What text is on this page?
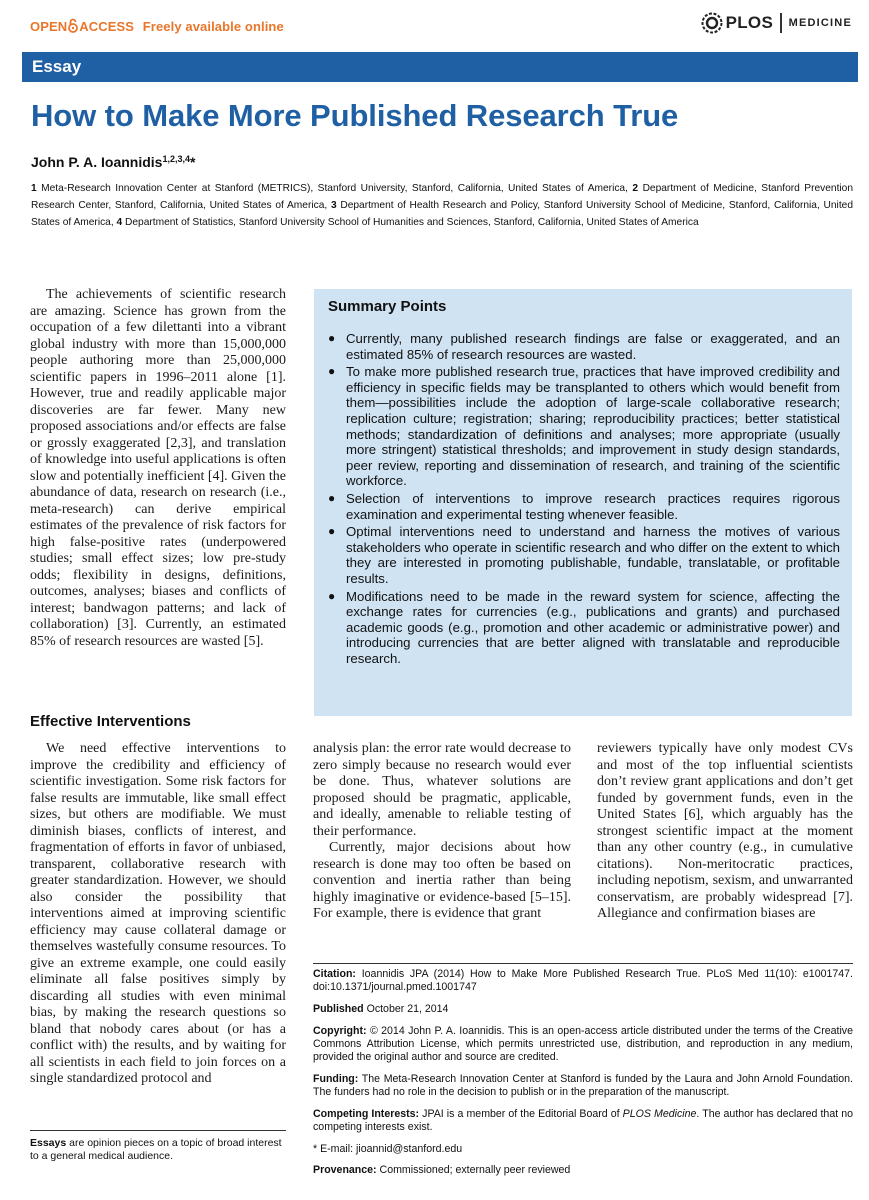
OPEN ACCESS Freely available online	PLOS MEDICINE
Essay
How to Make More Published Research True
John P. A. Ioannidis$^{1,2,3,4}$*
1 Meta-Research Innovation Center at Stanford (METRICS), Stanford University, Stanford, California, United States of America, 2 Department of Medicine, Stanford Prevention Research Center, Stanford, California, United States of America, 3 Department of Health Research and Policy, Stanford University School of Medicine, Stanford, California, United States of America, 4 Department of Statistics, Stanford University School of Humanities and Sciences, Stanford, California, United States of America

The achievements of scientific research are amazing. Science has grown from the occupation of a few dilettanti into a vibrant global industry with more than 15,000,000 people authoring more than 25,000,000 scientific papers in 1996–2011 alone [1]. However, true and readily applicable major discoveries are far fewer. Many new proposed associations and/or effects are false or grossly exaggerated [2,3], and translation of knowledge into useful applications is often slow and potentially inefficient [4]. Given the abundance of data, research on research (i.e., meta-research) can derive empirical estimates of the prevalence of risk factors for high false-positive rates (underpowered studies; small effect sizes; low pre-study odds; flexibility in designs, definitions, outcomes, analyses; biases and conflicts of interest; bandwagon patterns; and lack of collaboration) [3]. Currently, an estimated 85% of research resources are wasted [5].

Effective Interventions

We need effective interventions to improve the credibility and efficiency of scientific investigation. Some risk factors for false results are immutable, like small effect sizes, but others are modifiable. We must diminish biases, conflicts of interest, and fragmentation of efforts in favor of unbiased, transparent, collaborative research with greater standardization. However, we should also consider the possibility that interventions aimed at improving scientific efficiency may cause collateral damage or themselves wastefully consume resources. To give an extreme example, one could easily eliminate all false positives simply by discarding all studies with even minimal bias, by making the research questions so bland that nobody cares about (or has a conflict with) the results, and by waiting for all scientists in each field to join forces on a single standardized protocol and

Essays are opinion pieces on a topic of broad interest to a general medical audience.

Summary Points
● Currently, many published research findings are false or exaggerated, and an estimated 85% of research resources are wasted.
● To make more published research true, practices that have improved credibility and efficiency in specific fields may be transplanted to others which would benefit from them—possibilities include the adoption of large-scale collaborative research; replication culture; registration; sharing; reproducibility practices; better statistical methods; standardization of definitions and analyses; more appropriate (usually more stringent) statistical thresholds; and improvement in study design standards, peer review, reporting and dissemination of research, and training of the scientific workforce.
● Selection of interventions to improve research practices requires rigorous examination and experimental testing whenever feasible.
● Optimal interventions need to understand and harness the motives of various stakeholders who operate in scientific research and who differ on the extent to which they are interested in promoting publishable, fundable, translatable, or profitable results.
● Modifications need to be made in the reward system for science, affecting the exchange rates for currencies (e.g., publications and grants) and purchased academic goods (e.g., promotion and other academic or administrative power) and introducing currencies that are better aligned with translatable and reproducible research.

analysis plan: the error rate would decrease to zero simply because no research would ever be done. Thus, whatever solutions are proposed should be pragmatic, applicable, and ideally, amenable to reliable testing of their performance.

Currently, major decisions about how research is done may too often be based on convention and inertia rather than being highly imaginative or evidence-based [5–15]. For example, there is evidence that grant

reviewers typically have only modest CVs and most of the top influential scientists don’t review grant applications and don’t get funded by government funds, even in the United States [6], which arguably has the strongest scientific impact at the moment than any other country (e.g., in cumulative citations). Non-meritocratic practices, including nepotism, sexism, and unwarranted conservatism, are probably widespread [7]. Allegiance and confirmation biases are

Citation: Ioannidis JPA (2014) How to Make More Published Research True. PLoS Med 11(10): e1001747. doi:10.1371/journal.pmed.1001747

Published October 21, 2014

Copyright: © 2014 John P. A. Ioannidis. This is an open-access article distributed under the terms of the Creative Commons Attribution License, which permits unrestricted use, distribution, and reproduction in any medium, provided the original author and source are credited.

Funding: The Meta-Research Innovation Center at Stanford is funded by the Laura and John Arnold Foundation. The funders had no role in the decision to publish or in the preparation of the manuscript.

Competing Interests: JPAI is a member of the Editorial Board of PLOS Medicine. The author has declared that no competing interests exist.

* E-mail: jioannid@stanford.edu

Provenance: Commissioned; externally peer reviewed
